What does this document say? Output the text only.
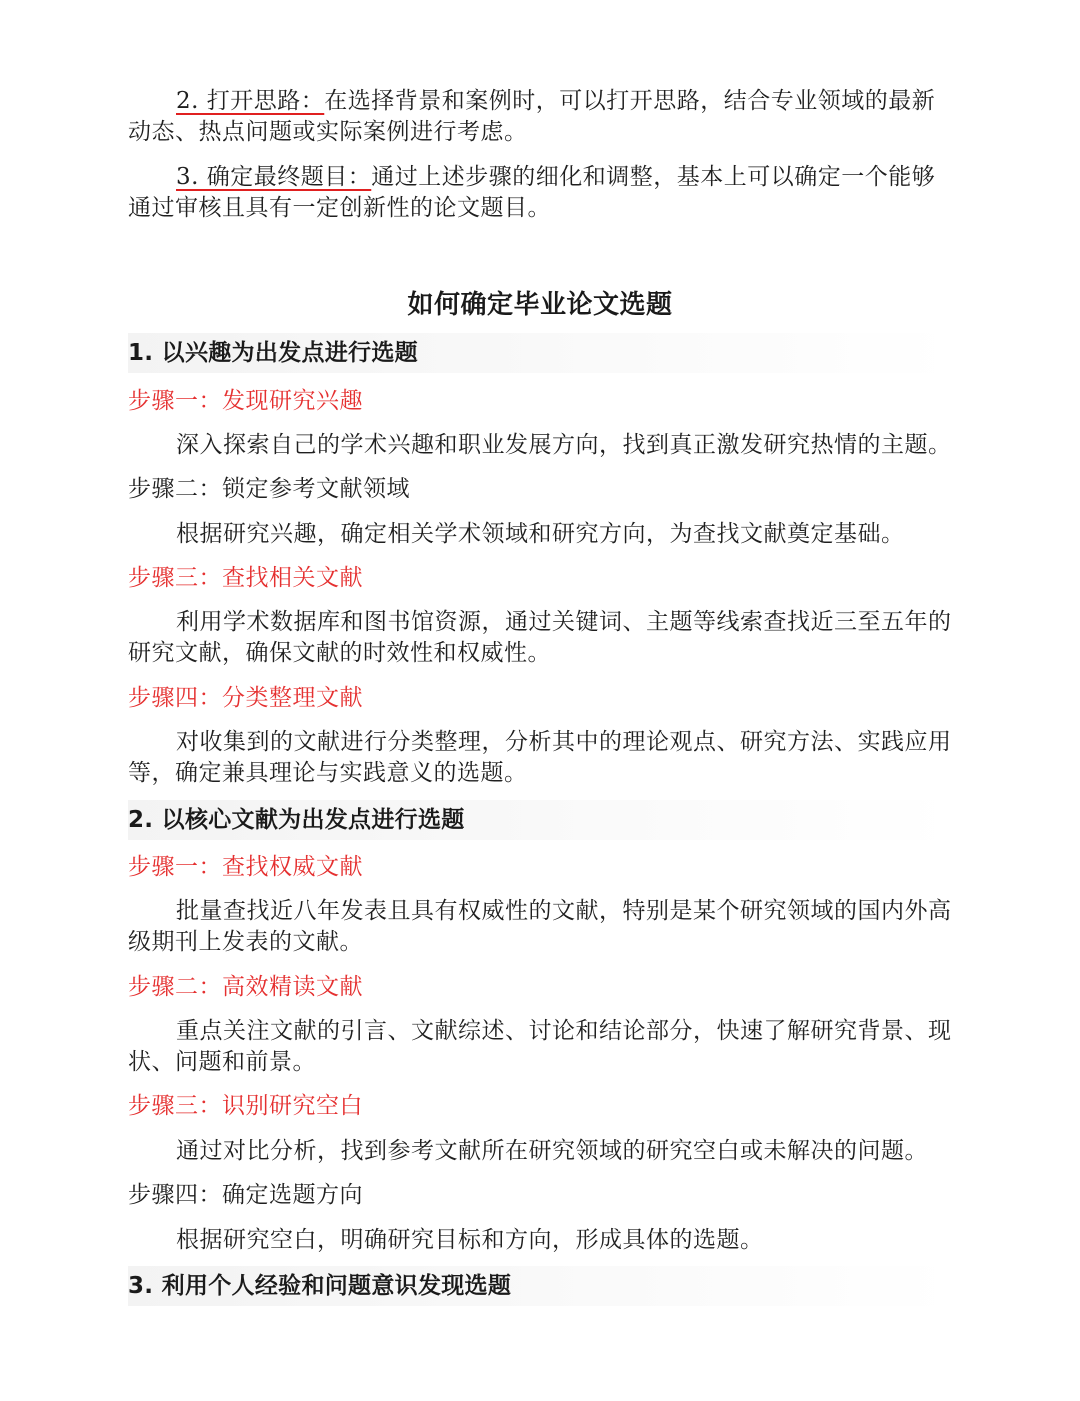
2. 打开思路：在选择背景和案例时，可以打开思路，结合专业领域的最新动态、热点问题或实际案例进行考虑。

3. 确定最终题目：通过上述步骤的细化和调整，基本上可以确定一个能够通过审核且具有一定创新性的论文题目。

如何确定毕业论文选题
1. 以兴趣为出发点进行选题
步骤一：发现研究兴趣

深入探索自己的学术兴趣和职业发展方向，找到真正激发研究热情的主题。

步骤二：锁定参考文献领域

根据研究兴趣，确定相关学术领域和研究方向，为查找文献奠定基础。

步骤三：查找相关文献

利用学术数据库和图书馆资源，通过关键词、主题等线索查找近三至五年的研究文献，确保文献的时效性和权威性。

步骤四：分类整理文献

对收集到的文献进行分类整理，分析其中的理论观点、研究方法、实践应用等，确定兼具理论与实践意义的选题。

2. 以核心文献为出发点进行选题
步骤一：查找权威文献

批量查找近八年发表且具有权威性的文献，特别是某个研究领域的国内外高级期刊上发表的文献。

步骤二：高效精读文献

重点关注文献的引言、文献综述、讨论和结论部分，快速了解研究背景、现状、问题和前景。

步骤三：识别研究空白

通过对比分析，找到参考文献所在研究领域的研究空白或未解决的问题。

步骤四：确定选题方向

根据研究空白，明确研究目标和方向，形成具体的选题。

3. 利用个人经验和问题意识发现选题
